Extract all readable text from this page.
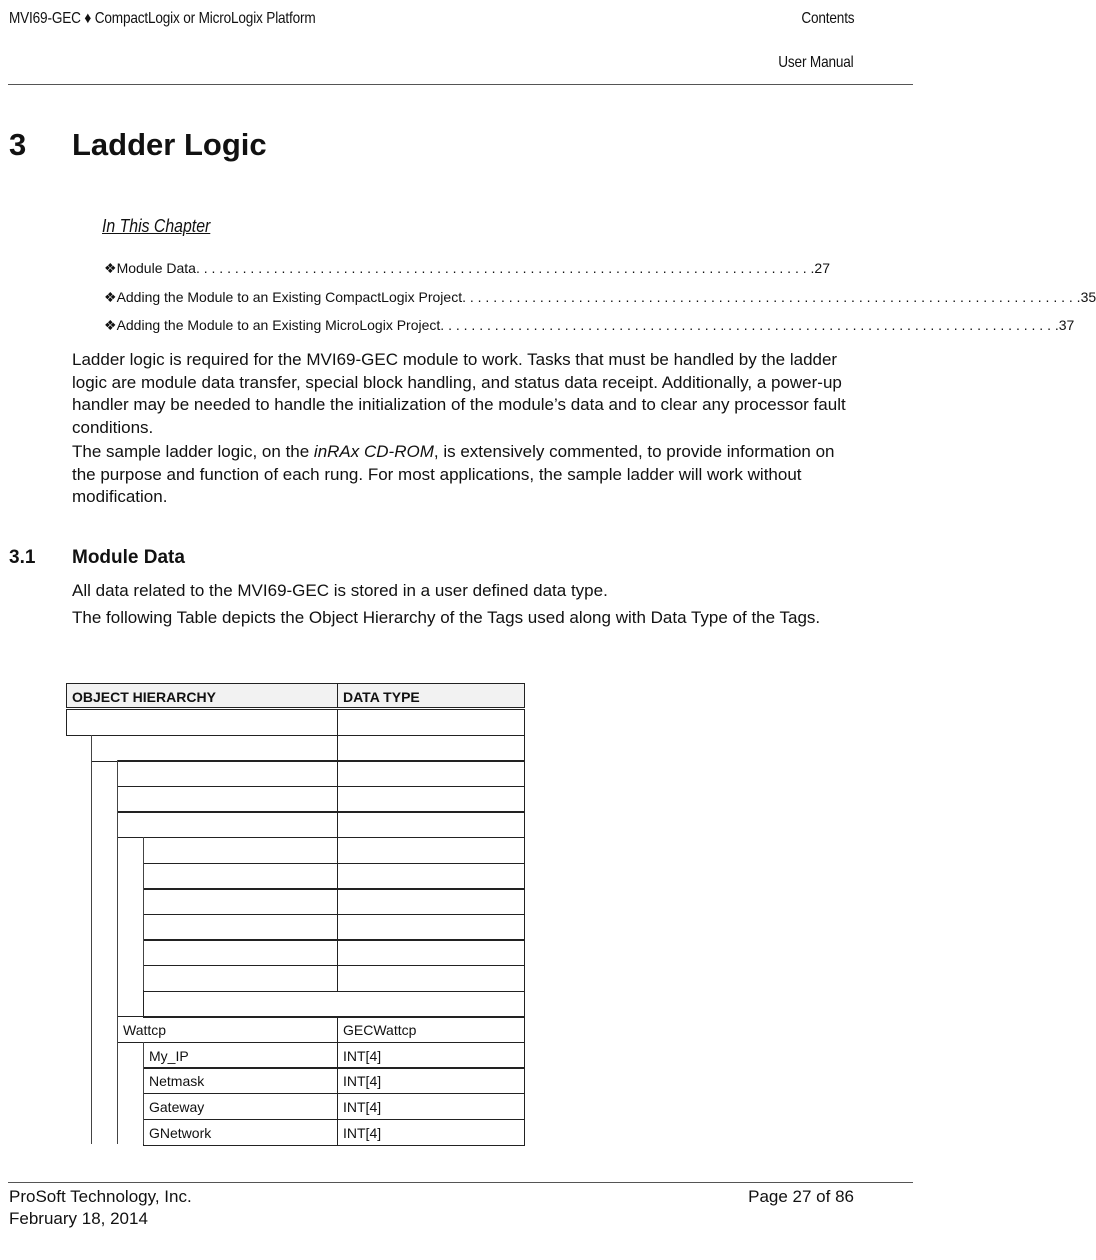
MVI69-GEC ♦ CompactLogix or MicroLogix Platform	Contents
User Manual
3 Ladder Logic
In This Chapter
❖ Module Data . . . . . . . . . . . . . . . . . . . . . . . . . . . . . . . . . . . . . . . . . . . . . . . . . . . . . . . . . . . . . . . . . . . . . . . . . . . . . . . . 27
❖ Adding the Module to an Existing CompactLogix Project . . . . . . . . . . . . . . . . . . . . . . . . . . . . . . . . . . . . . . . . . . . . . . . . . . . . . . . . . . . . . . . . . . . . . . . . . . . . . . . . 35
❖ Adding the Module to an Existing MicroLogix Project . . . . . . . . . . . . . . . . . . . . . . . . . . . . . . . . . . . . . . . . . . . . . . . . . . . . . . . . . . . . . . . . . . . . . . . . . . . . . . . . 37
Ladder logic is required for the MVI69-GEC module to work. Tasks that must be handled by the ladder logic are module data transfer, special block handling, and status data receipt. Additionally, a power-up handler may be needed to handle the initialization of the module’s data and to clear any processor fault conditions.
The sample ladder logic, on the inRAx CD-ROM, is extensively commented, to provide information on the purpose and function of each rung. For most applications, the sample ladder will work without modification.
3.1 Module Data
All data related to the MVI69-GEC is stored in a user defined data type.
The following Table depicts the Object Hierarchy of the Tags used along with Data Type of the Tags.
OBJECT HIERARCHY	DATA TYPE
Wattcp	GECWattcp
My_IP	INT[4]
Netmask	INT[4]
Gateway	INT[4]
GNetwork	INT[4]
ProSoft Technology, Inc.
February 18, 2014
Page 27 of 86
